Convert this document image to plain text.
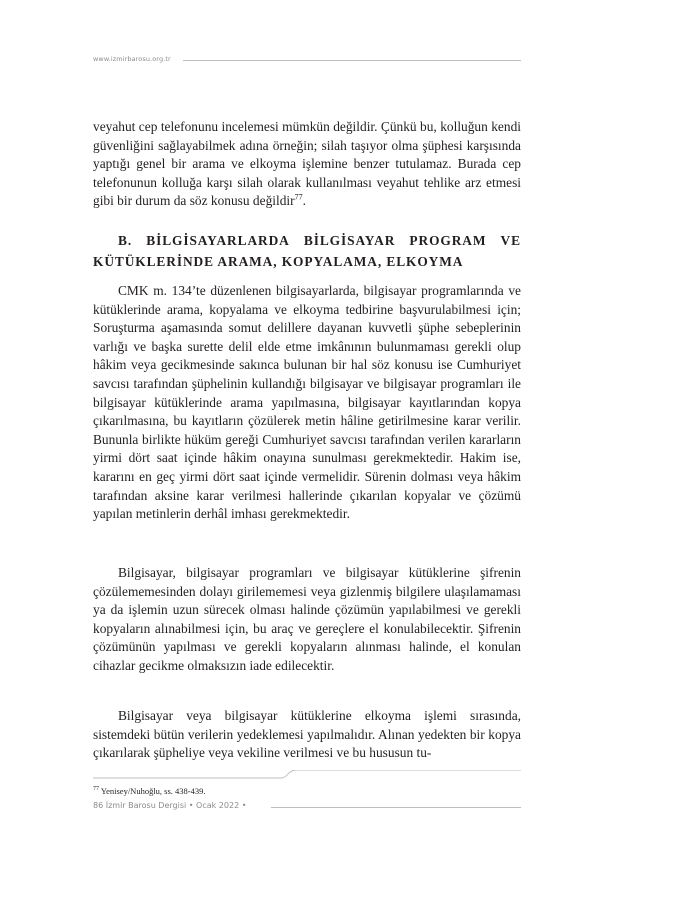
www.izmirbarosu.org.tr

veyahut cep telefonunu incelemesi mümkün değildir. Çünkü bu, kolluğun kendi güvenliğini sağlayabilmek adına örneğin; silah taşıyor olma şüphesi karşısında yaptığı genel bir arama ve elkoyma işlemine benzer tutulamaz. Burada cep telefonunun kolluğa karşı silah olarak kullanılması veyahut tehlike arz etmesi gibi bir durum da söz konusu değildir$^{77}$.

B. BİLGİSAYARLARDA BİLGİSAYAR PROGRAM VE
KÜTÜKLERİNDE ARAMA, KOPYALAMA, ELKOYMA

CMK m. 134’te düzenlenen bilgisayarlarda, bilgisayar programlarında ve kütüklerinde arama, kopyalama ve elkoyma tedbirine başvurulabilmesi için; Soruşturma aşamasında somut delillere dayanan kuvvetli şüphe sebeplerinin varlığı ve başka surette delil elde etme imkânının bulunmaması gerekli olup hâkim veya gecikmesinde sakınca bulunan bir hal söz konusu ise Cumhuriyet savcısı tarafından şüphelinin kullandığı bilgisayar ve bilgisayar programları ile bilgisayar kütüklerinde arama yapılmasına, bilgisayar kayıtlarından kopya çıkarılmasına, bu kayıtların çözülerek metin hâline getirilmesine karar verilir. Bununla birlikte hüküm gereği Cumhuriyet savcısı tarafından verilen kararların yirmi dört saat içinde hâkim onayına sunulması gerekmektedir. Hakim ise, kararını en geç yirmi dört saat içinde vermelidir. Sürenin dolması veya hâkim tarafından aksine karar verilmesi hallerinde çıkarılan kopyalar ve çözümü yapılan metinlerin derhâl imhası gerekmektedir.

Bilgisayar, bilgisayar programları ve bilgisayar kütüklerine şifrenin çözülememesinden dolayı girilememesi veya gizlenmiş bilgilere ulaşılamaması ya da işlemin uzun sürecek olması halinde çözümün yapılabilmesi ve gerekli kopyaların alınabilmesi için, bu araç ve gereçlere el konulabilecektir. Şifrenin çözümünün yapılması ve gerekli kopyaların alınması halinde, el konulan cihazlar gecikme olmaksızın iade edilecektir.

Bilgisayar veya bilgisayar kütüklerine elkoyma işlemi sırasında, sistemdeki bütün verilerin yedeklemesi yapılmalıdır. Alınan yedekten bir kopya çıkarılarak şüpheliye veya vekiline verilmesi ve bu hususun tu-

$^{77}$ Yenisey/Nuhoğlu, ss. 438-439.
86 İzmir Barosu Dergisi • Ocak 2022 •
